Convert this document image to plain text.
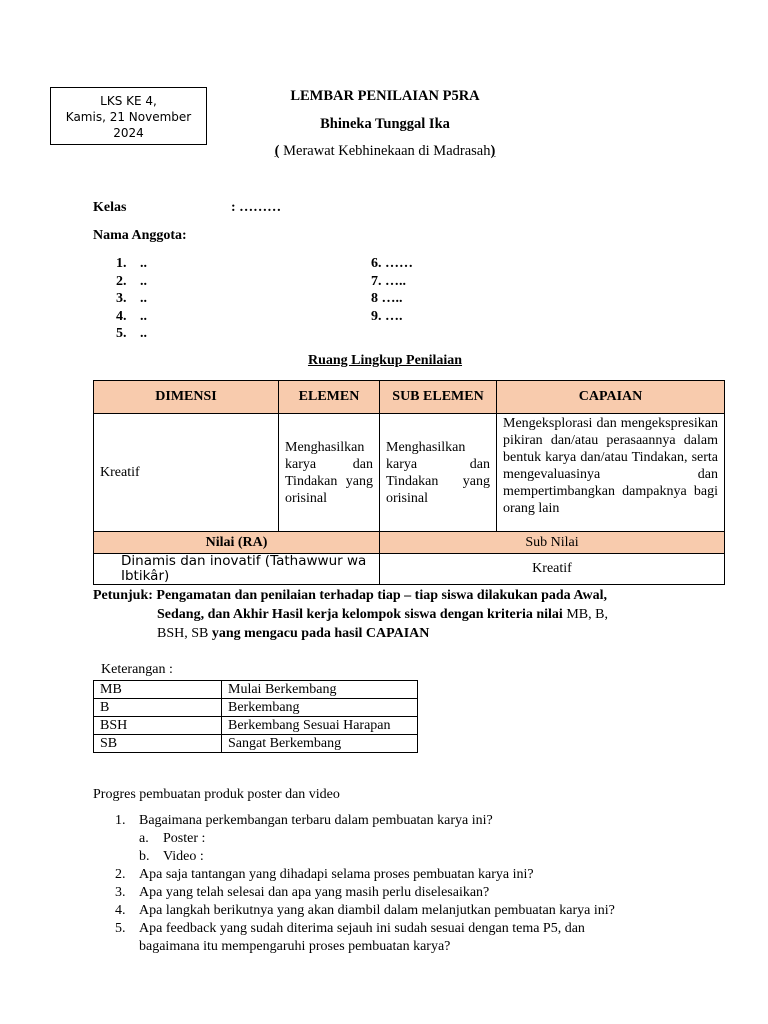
LKS KE 4,
Kamis, 21 November
2024
LEMBAR PENILAIAN P5RA
Bhineka Tunggal Ika
( Merawat Kebhinekaan di Madrasah)
Kelas	: ………
Nama Anggota:
1. ..
2. ..
3. ..
4. ..
5. ..
6. ……
7. …..
8 …..
9. ….
Ruang Lingkup Penilaian
DIMENSI	ELEMEN	SUB ELEMEN	CAPAIAN
Kreatif	Menghasilkan karya dan Tindakan yang orisinal	Menghasilkan karya dan Tindakan yang orisinal	Mengeksplorasi dan mengekspresikan pikiran dan/atau perasaannya dalam bentuk karya dan/atau Tindakan, serta mengevaluasinya dan mempertimbangkan dampaknya bagi orang lain
Nilai (RA)		Sub Nilai	
Dinamis dan inovatif (Tathawwur wa Ibtikâr)		Kreatif	
Petunjuk: Pengamatan dan penilaian terhadap tiap – tiap siswa dilakukan pada Awal,
Sedang, dan Akhir Hasil kerja kelompok siswa dengan kriteria nilai MB, B,
BSH, SB yang mengacu pada hasil CAPAIAN
Keterangan :
MB	Mulai Berkembang
B	Berkembang
BSH	Berkembang Sesuai Harapan
SB	Sangat Berkembang
Progres pembuatan produk poster dan video
1. Bagaimana perkembangan terbaru dalam pembuatan karya ini?
a.	Poster :
b. Video :
2. Apa saja tantangan yang dihadapi selama proses pembuatan karya ini?
3. Apa yang telah selesai dan apa yang masih perlu diselesaikan?
4. Apa langkah berikutnya yang akan diambil dalam melanjutkan pembuatan karya ini?
5. Apa feedback yang sudah diterima sejauh ini sudah sesuai dengan tema P5, dan
bagaimana itu mempengaruhi proses pembuatan karya?
